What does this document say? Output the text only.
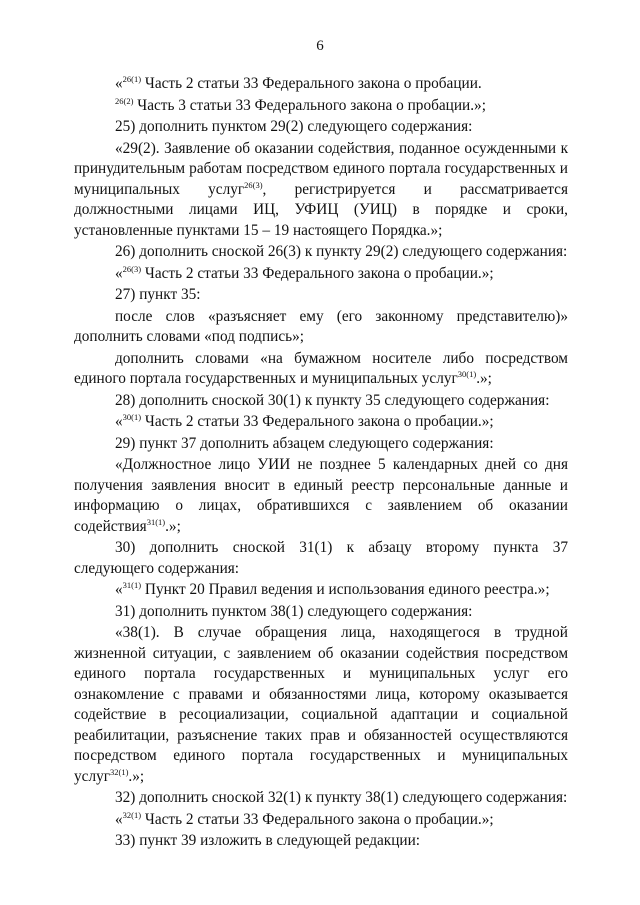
6

«$^{26(1)}$ Часть 2 статьи 33 Федерального закона о пробации.

$^{26(2)}$ Часть 3 статьи 33 Федерального закона о пробации.»;

25) дополнить пунктом 29(2) следующего содержания:

«29(2). Заявление об оказании содействия, поданное осужденными к принудительным работам посредством единого портала государственных и муниципальных услуг$^{26(3)}$, регистрируется и рассматривается должностными лицами ИЦ, УФИЦ (УИЦ) в порядке и сроки, установленные пунктами 15 – 19 настоящего Порядка.»;

26) дополнить сноской 26(3) к пункту 29(2) следующего содержания:

«$^{26(3)}$ Часть 2 статьи 33 Федерального закона о пробации.»;

27) пункт 35:

после слов «разъясняет ему (его законному представителю)» дополнить словами «под подпись»;

дополнить словами «на бумажном носителе либо посредством единого портала государственных и муниципальных услуг$^{30(1)}$.»;

28) дополнить сноской 30(1) к пункту 35 следующего содержания:

«$^{30(1)}$ Часть 2 статьи 33 Федерального закона о пробации.»;

29) пункт 37 дополнить абзацем следующего содержания:

«Должностное лицо УИИ не позднее 5 календарных дней со дня получения заявления вносит в единый реестр персональные данные и информацию о лицах, обратившихся с заявлением об оказании содействия$^{31(1)}$.»;

30) дополнить сноской 31(1) к абзацу второму пункта 37 следующего содержания:

«$^{31(1)}$ Пункт 20 Правил ведения и использования единого реестра.»;

31) дополнить пунктом 38(1) следующего содержания:

«38(1). В случае обращения лица, находящегося в трудной жизненной ситуации, с заявлением об оказании содействия посредством единого портала государственных и муниципальных услуг его ознакомление с правами и обязанностями лица, которому оказывается содействие в ресоциализации, социальной адаптации и социальной реабилитации, разъяснение таких прав и обязанностей осуществляются посредством единого портала государственных и муниципальных услуг$^{32(1)}$.»;

32) дополнить сноской 32(1) к пункту 38(1) следующего содержания:

«$^{32(1)}$ Часть 2 статьи 33 Федерального закона о пробации.»;

33) пункт 39 изложить в следующей редакции:
